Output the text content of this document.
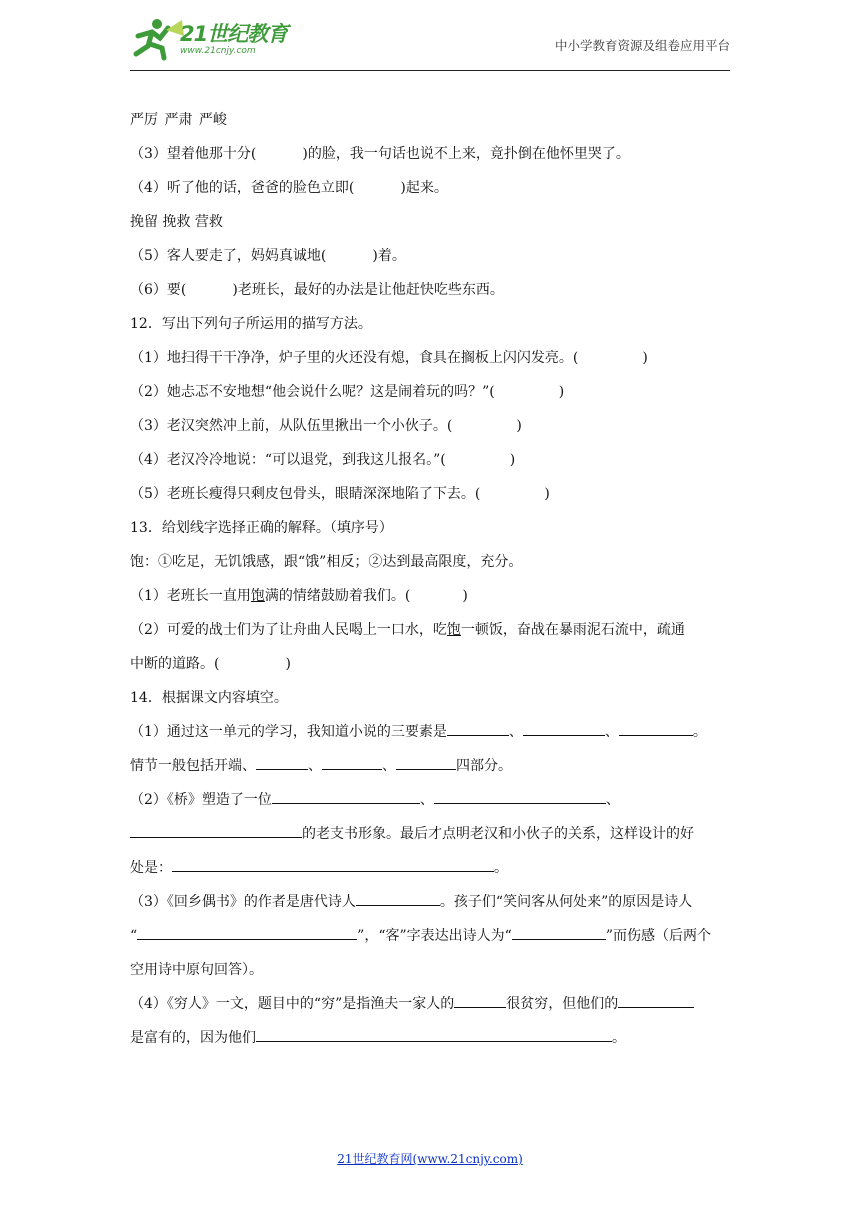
21世纪教育
www.21cnjy.com	中小学教育资源及组卷应用平台
严厉 严肃 严峻
（3）望着他那十分(	)的脸，我一句话也说不上来，竟扑倒在他怀里哭了。
（4）听了他的话，爸爸的脸色立即(	)起来。
挽留 挽救 营救
（5）客人要走了，妈妈真诚地(	)着。
（6）要(	)老班长，最好的办法是让他赶快吃些东西。
12．写出下列句子所运用的描写方法。
（1）地扫得干干净净，炉子里的火还没有熄，食具在搁板上闪闪发亮。(	)
（2）她忐忑不安地想“他会说什么呢？这是闹着玩的吗？”(	)
（3）老汉突然冲上前，从队伍里揪出一个小伙子。(	)
（4）老汉冷冷地说：“可以退党，到我这儿报名。”(	)
（5）老班长瘦得只剩皮包骨头，眼睛深深地陷了下去。(	)
13．给划线字选择正确的解释。（填序号）
饱：①吃足，无饥饿感，跟“饿”相反；②达到最高限度，充分。
（1）老班长一直用饱满的情绪鼓励着我们。(	)
（2）可爱的战士们为了让舟曲人民喝上一口水，吃饱一顿饭，奋战在暴雨泥石流中，疏通
中断的道路。(	)
14．根据课文内容填空。
（1）通过这一单元的学习，我知道小说的三要素是	、	、	。
情节一般包括开端、	、	、	四部分。
（2）《桥》塑造了一位	、	、
的老支书形象。最后才点明老汉和小伙子的关系，这样设计的好
处是：	。
（3）《回乡偶书》的作者是唐代诗人	。孩子们“笑问客从何处来”的原因是诗人
“	”，“客”字表达出诗人为“	”而伤感（后两个
空用诗中原句回答）。
（4）《穷人》一文，题目中的“穷”是指渔夫一家人的	很贫穷，但他们的
是富有的，因为他们	。
21世纪教育网(www.21cnjy.com)
